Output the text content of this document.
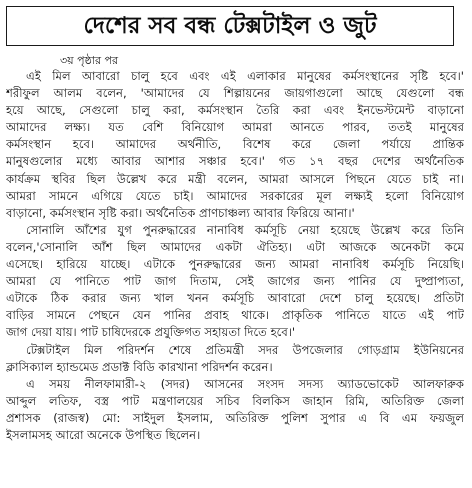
দেশের সব বন্ধ টেক্সটাইল ও জুট
৩য় পৃষ্ঠার পর
এই মিল আবারো চালু হবে এবং এই এলাকার মানুষের কর্মসংস্থানের সৃষ্টি হবে।'
শরীফুল আলম বলেন, 'আমাদের যে শিল্পায়নের জায়গাগুলো আছে যেগুলো বন্ধ
হয়ে আছে, সেগুলো চালু করা, কর্মসংস্থান তৈরি করা এবং ইনভেস্টমেন্ট বাড়ানো
আমাদের লক্ষ্য। যত বেশি বিনিয়োগ আমরা আনতে পারব, ততই মানুষের
কর্মসংস্থান হবে। আমাদের অর্থনীতি, বিশেষ করে জেলা পর্যায়ে প্রান্তিক
মানুষগুলোর মধ্যে আবার আশার সঞ্চার হবে।' গত ১৭ বছর দেশের অর্থনৈতিক
কার্যক্রম স্থবির ছিল উল্লেখ করে মন্ত্রী বলেন, আমরা আসলে পিছনে যেতে চাই না।
আমরা সামনে এগিয়ে যেতে চাই। আমাদের সরকারের মূল লক্ষ্যই হলো বিনিয়োগ
বাড়ানো, কর্মসংস্থান সৃষ্টি করা। অর্থনৈতিক প্রাণচাঞ্চল্য আবার ফিরিয়ে আনা।'
সোনালি আঁশের যুগ পুনরুদ্ধারের নানাবিধ কর্মসূচি নেয়া হয়েছে উল্লেখ করে তিনি
বলেন,'সোনালি আঁশ ছিল আমাদের একটা ঐতিহ্য। এটা আজকে অনেকটা কমে
এসেছে। হারিয়ে যাচ্ছে। এটাকে পুনরুদ্ধারের জন্য আমরা নানাবিধ কর্মসূচি নিয়েছি।
আমরা যে পানিতে পাট জাগ দিতাম, সেই জাগের জন্য পানির যে দুষ্প্রাপ্যতা,
এটাকে ঠিক করার জন্য খাল খনন কর্মসূচি আবারো দেশে চালু হয়েছে। প্রতিটা
বাড়ির সামনে পেছনে যেন পানির প্রবাহ থাকে। প্রাকৃতিক পানিতে যাতে এই পাট
জাগ দেয়া যায়। পাট চাষিদেরকে প্রযুক্তিগত সহায়তা দিতে হবে।'
টেক্সটাইল মিল পরিদর্শন শেষে প্রতিমন্ত্রী সদর উপজেলার গোড়গ্রাম ইউনিয়নের
ক্লাসিক্যাল হ্যান্ডমেড প্রডাক্ট বিডি কারখানা পরিদর্শন করেন।
এ সময় নীলফামারী-২ (সদর) আসনের সংসদ সদস্য অ্যাডভোকেট আলফারুক
আব্দুল লতিফ, বস্ত্র পাট মন্ত্রণালয়ের সচিব বিলকিস জাহান রিমি, অতিরিক্ত জেলা
প্রশাসক (রাজস্ব) মো: সাইদুল ইসলাম, অতিরিক্ত পুলিশ সুপার এ বি এম ফয়জুল
ইসলামসহ আরো অনেকে উপস্থিত ছিলেন।
